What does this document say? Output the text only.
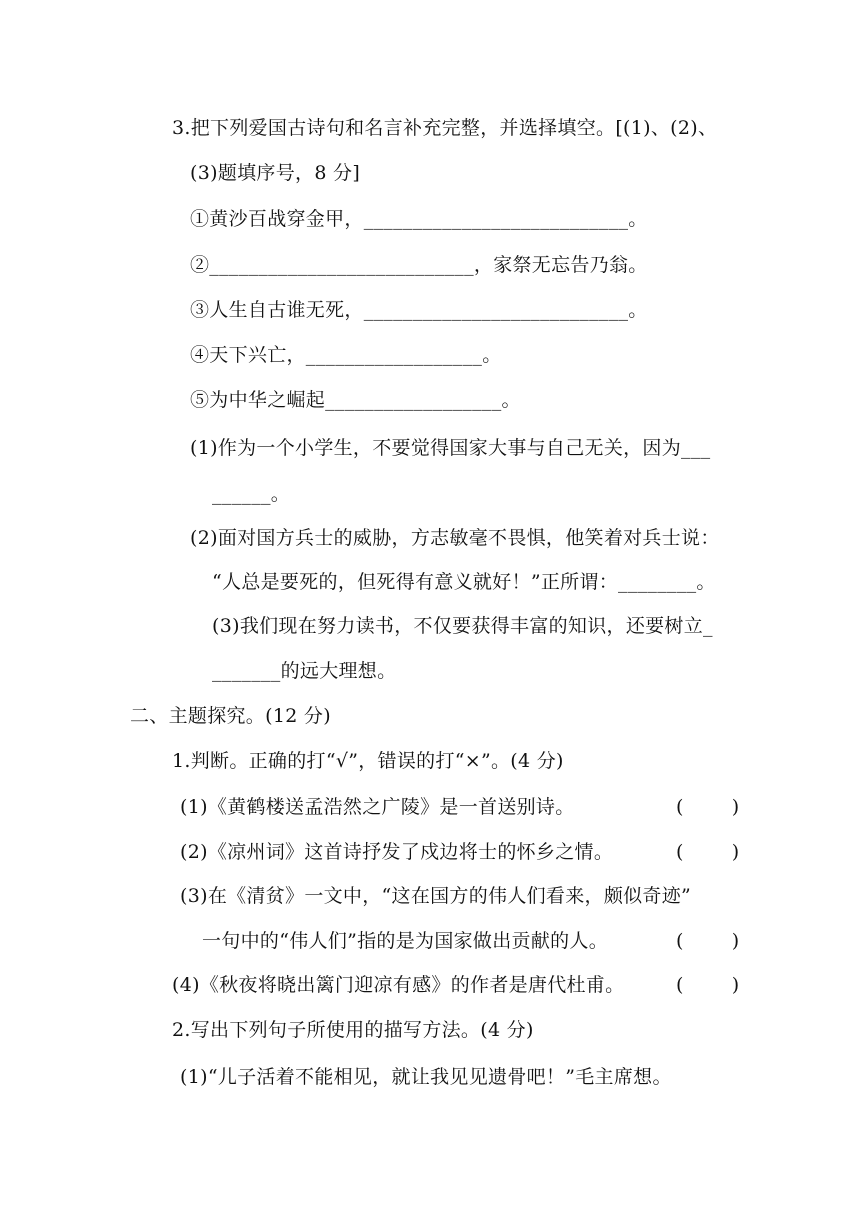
3.把下列爱国古诗句和名言补充完整，并选择填空。[(1)、(2)、
(3)题填序号，8 分]
①黄沙百战穿金甲，___________________________。
②___________________________，家祭无忘告乃翁。
③人生自古谁无死，___________________________。
④天下兴亡，__________________。
⑤为中华之崛起__________________。
(1)作为一个小学生，不要觉得国家大事与自己无关，因为___
______。
(2)面对国方兵士的威胁，方志敏毫不畏惧，他笑着对兵士说：
“人总是要死的，但死得有意义就好！”正所谓：________。
(3)我们现在努力读书，不仅要获得丰富的知识，还要树立_
_______的远大理想。
二、主题探究。(12 分)
1.判断。正确的打“√”，错误的打“×”。(4 分)
(1)《黄鹤楼送孟浩然之广陵》是一首送别诗。	(        )
(2)《凉州词》这首诗抒发了戍边将士的怀乡之情。	(        )
(3)在《清贫》一文中，“这在国方的伟人们看来，颇似奇迹”
一句中的“伟人们”指的是为国家做出贡献的人。	(        )
(4)《秋夜将晓出篱门迎凉有感》的作者是唐代杜甫。	(        )
2.写出下列句子所使用的描写方法。(4 分)
(1)“儿子活着不能相见，就让我见见遗骨吧！”毛主席想。
